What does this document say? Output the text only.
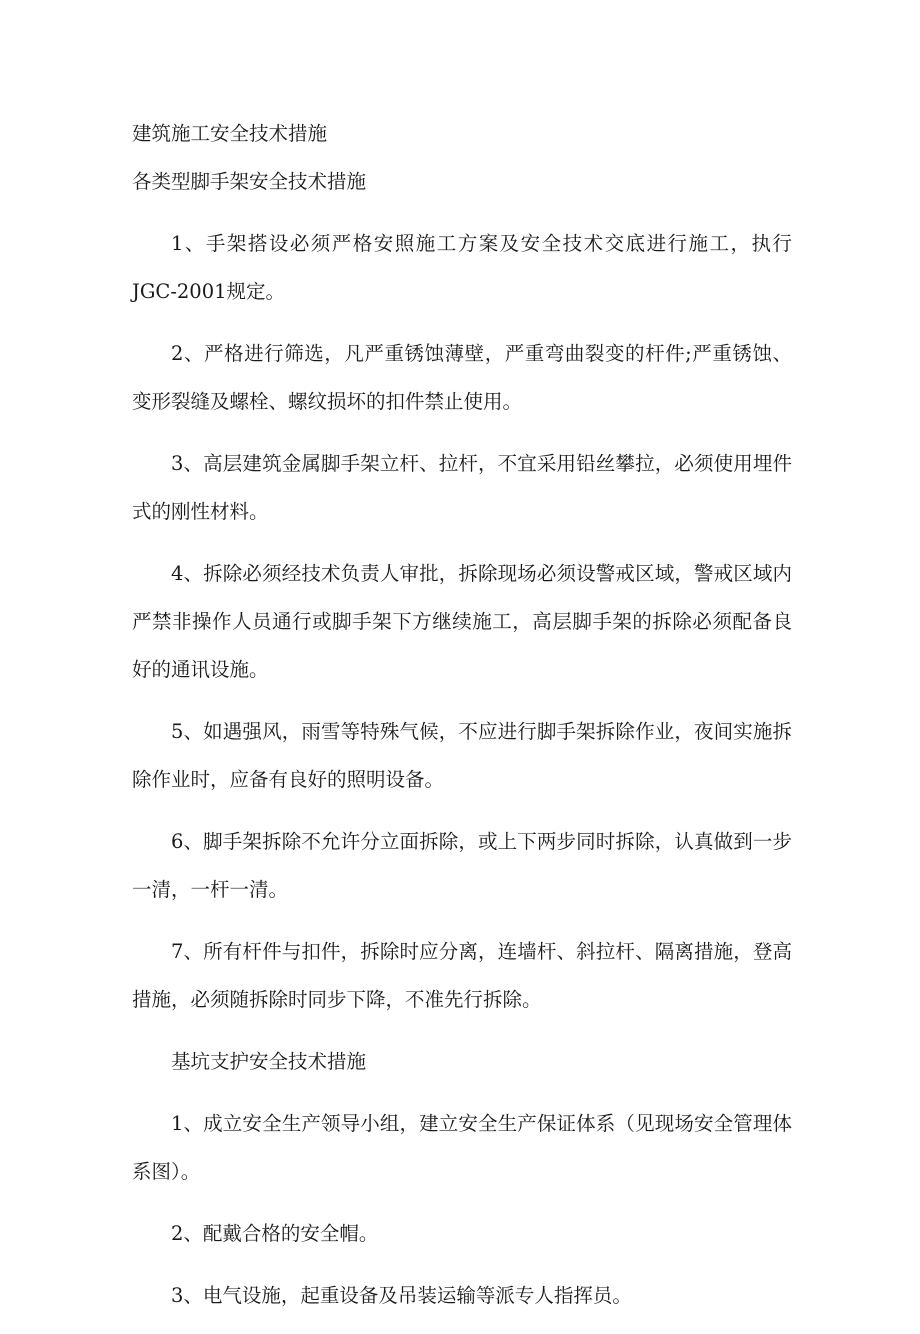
建筑施工安全技术措施

各类型脚手架安全技术措施

1、手架搭设必须严格安照施工方案及安全技术交底进行施工，执行JGC-2001规定。

2、严格进行筛选，凡严重锈蚀薄壁，严重弯曲裂变的杆件;严重锈蚀、变形裂缝及螺栓、螺纹损坏的扣件禁止使用。

3、高层建筑金属脚手架立杆、拉杆，不宜采用铅丝攀拉，必须使用埋件式的刚性材料。

4、拆除必须经技术负责人审批，拆除现场必须设警戒区域，警戒区域内严禁非操作人员通行或脚手架下方继续施工，高层脚手架的拆除必须配备良好的通讯设施。

5、如遇强风，雨雪等特殊气候，不应进行脚手架拆除作业，夜间实施拆除作业时，应备有良好的照明设备。

6、脚手架拆除不允许分立面拆除，或上下两步同时拆除，认真做到一步一清，一杆一清。

7、所有杆件与扣件，拆除时应分离，连墙杆、斜拉杆、隔离措施，登高措施，必须随拆除时同步下降，不准先行拆除。

基坑支护安全技术措施

1、成立安全生产领导小组，建立安全生产保证体系（见现场安全管理体系图）。

2、配戴合格的安全帽。

3、电气设施，起重设备及吊装运输等派专人指挥员。
